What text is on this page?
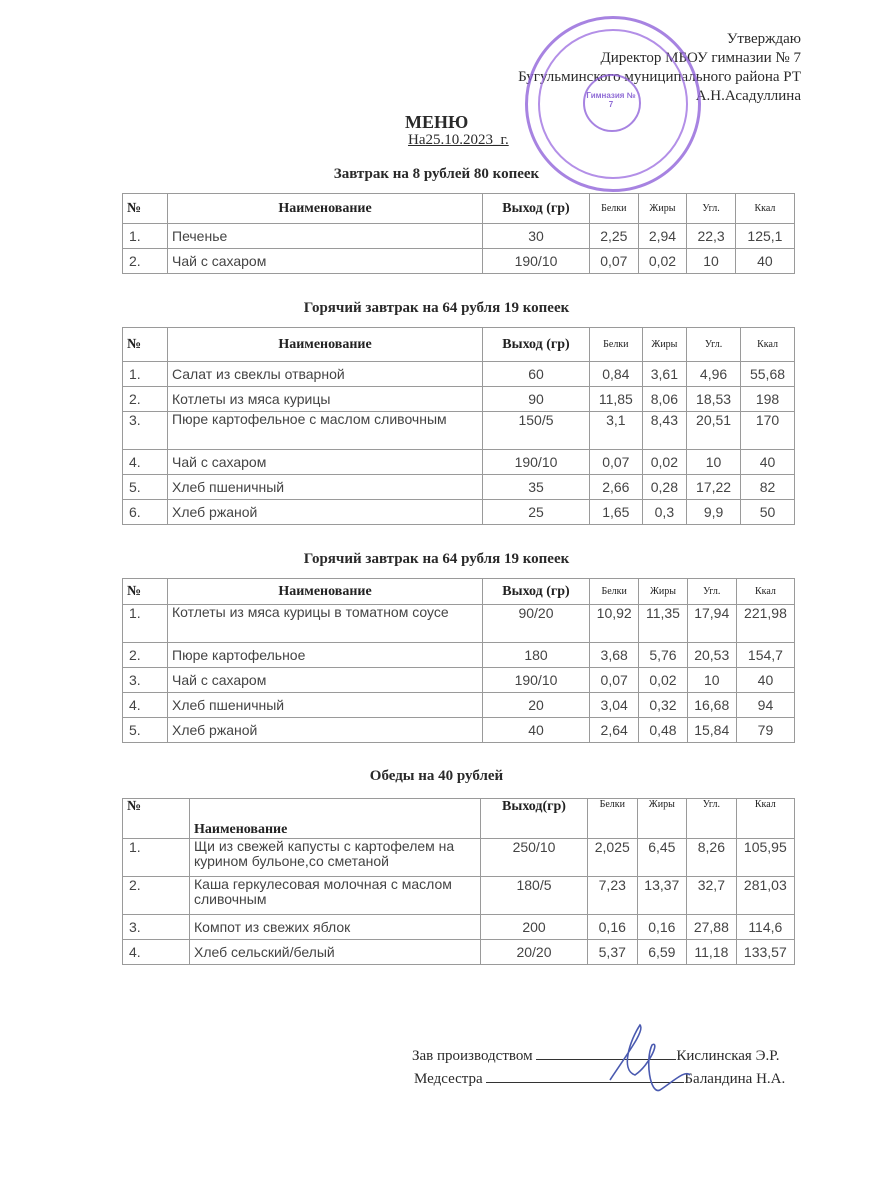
Утверждаю
Директор МБОУ гимназии № 7
Бугульминского муниципального района РТ
А.Н.Асадуллина
Гимназия № 7
МЕНЮ
На25.10.2023_г.
Завтрак на 8 рублей 80 копеек
№	Наименование	Выход (гр)	Белки	Жиры	Угл.	Ккал
1.	Печенье	30	2,25	2,94	22,3	125,1
2.	Чай с сахаром	190/10	0,07	0,02	10	40
Горячий завтрак на 64 рубля 19 копеек
№	Наименование	Выход (гр)	Белки	Жиры	Угл.	Ккал
1.	Салат из свеклы отварной	60	0,84	3,61	4,96	55,68
2.	Котлеты из мяса курицы	90	11,85	8,06	18,53	198
3.	Пюре картофельное с маслом сливочным	150/5	3,1	8,43	20,51	170
4.	Чай с сахаром	190/10	0,07	0,02	10	40
5.	Хлеб пшеничный	35	2,66	0,28	17,22	82
6.	Хлеб ржаной	25	1,65	0,3	9,9	50
Горячий завтрак на 64 рубля 19 копеек
№	Наименование	Выход (гр)	Белки	Жиры	Угл.	Ккал
1.	Котлеты из мяса курицы в томатном соусе	90/20	10,92	11,35	17,94	221,98
2.	Пюре картофельное	180	3,68	5,76	20,53	154,7
3.	Чай с сахаром	190/10	0,07	0,02	10	40
4.	Хлеб пшеничный	20	3,04	0,32	16,68	94
5.	Хлеб ржаной	40	2,64	0,48	15,84	79
Обеды на 40 рублей
№	Наименование	Выход(гр)	Белки	Жиры	Угл.	Ккал
1.	Щи из свежей капусты с картофелем на курином бульоне,со сметаной	250/10	2,025	6,45	8,26	105,95
2.	Каша геркулесовая молочная с маслом сливочным	180/5	7,23	13,37	32,7	281,03
3.	Компот из свежих яблок	200	0,16	0,16	27,88	114,6
4.	Хлеб сельский/белый	20/20	5,37	6,59	11,18	133,57
Зав производством	Кислинская Э.Р.
Медсестра	Баландина Н.А.
